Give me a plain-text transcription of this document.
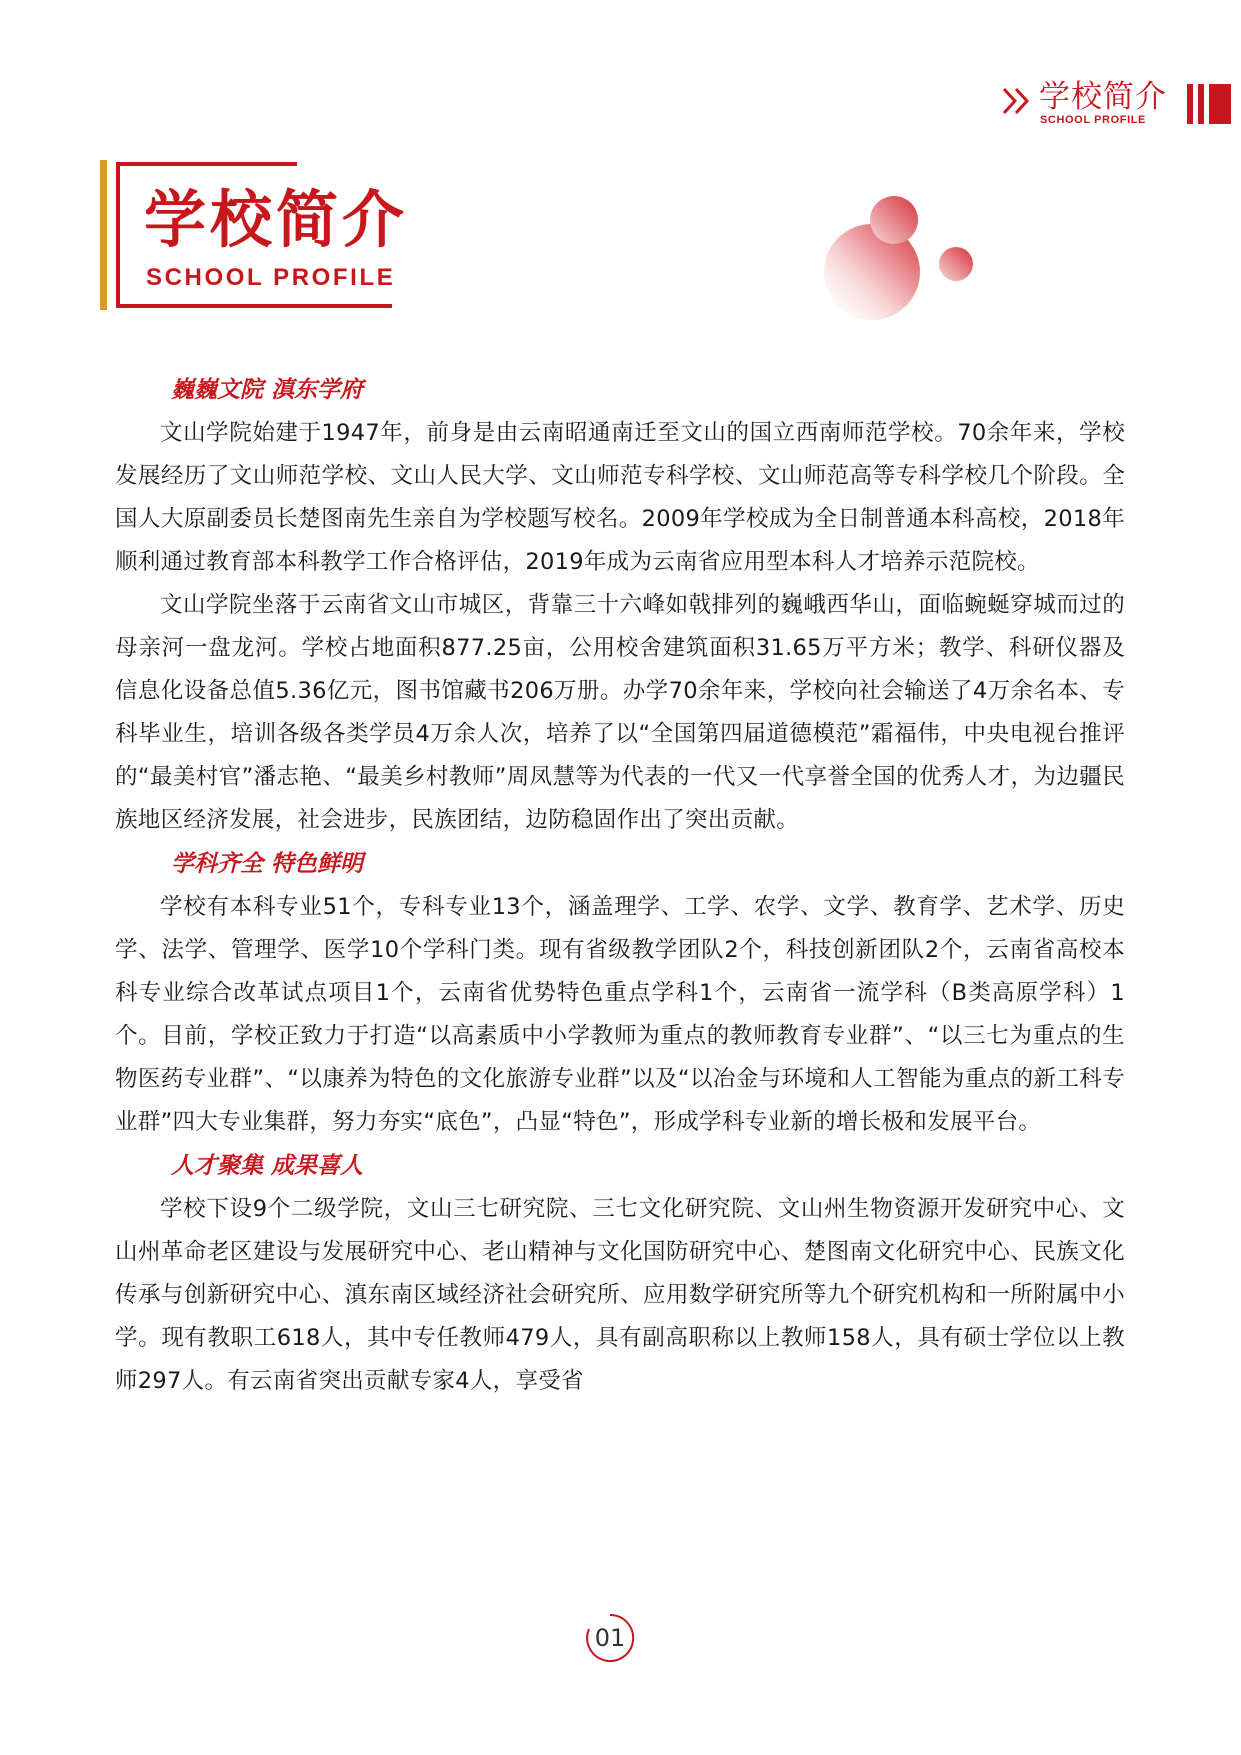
学校简介
SCHOOL PROFILE
学校简介
SCHOOL PROFILE
巍巍文院 滇东学府

文山学院始建于1947年，前身是由云南昭通南迁至文山的国立西南师范学校。70余年来，学校发展经历了文山师范学校、文山人民大学、文山师范专科学校、文山师范高等专科学校几个阶段。全国人大原副委员长楚图南先生亲自为学校题写校名。2009年学校成为全日制普通本科高校，2018年顺利通过教育部本科教学工作合格评估，2019年成为云南省应用型本科人才培养示范院校。

文山学院坐落于云南省文山市城区，背靠三十六峰如戟排列的巍峨西华山，面临蜿蜒穿城而过的母亲河一盘龙河。学校占地面积877.25亩，公用校舍建筑面积31.65万平方米；教学、科研仪器及信息化设备总值5.36亿元，图书馆藏书206万册。办学70余年来，学校向社会输送了4万余名本、专科毕业生，培训各级各类学员4万余人次，培养了以“全国第四届道德模范”霜福伟，中央电视台推评的“最美村官”潘志艳、“最美乡村教师”周凤慧等为代表的一代又一代享誉全国的优秀人才，为边疆民族地区经济发展，社会进步，民族团结，边防稳固作出了突出贡献。

学科齐全 特色鲜明

学校有本科专业51个，专科专业13个，涵盖理学、工学、农学、文学、教育学、艺术学、历史学、法学、管理学、医学10个学科门类。现有省级教学团队2个，科技创新团队2个，云南省高校本科专业综合改革试点项目1个，云南省优势特色重点学科1个，云南省一流学科（B类高原学科）1个。目前，学校正致力于打造“以高素质中小学教师为重点的教师教育专业群”、“以三七为重点的生物医药专业群”、“以康养为特色的文化旅游专业群”以及“以冶金与环境和人工智能为重点的新工科专业群”四大专业集群，努力夯实“底色”，凸显“特色”，形成学科专业新的增长极和发展平台。

人才聚集 成果喜人

学校下设9个二级学院，文山三七研究院、三七文化研究院、文山州生物资源开发研究中心、文山州革命老区建设与发展研究中心、老山精神与文化国防研究中心、楚图南文化研究中心、民族文化传承与创新研究中心、滇东南区域经济社会研究所、应用数学研究所等九个研究机构和一所附属中小学。现有教职工618人，其中专任教师479人，具有副高职称以上教师158人，具有硕士学位以上教师297人。有云南省突出贡献专家4人，享受省

01
